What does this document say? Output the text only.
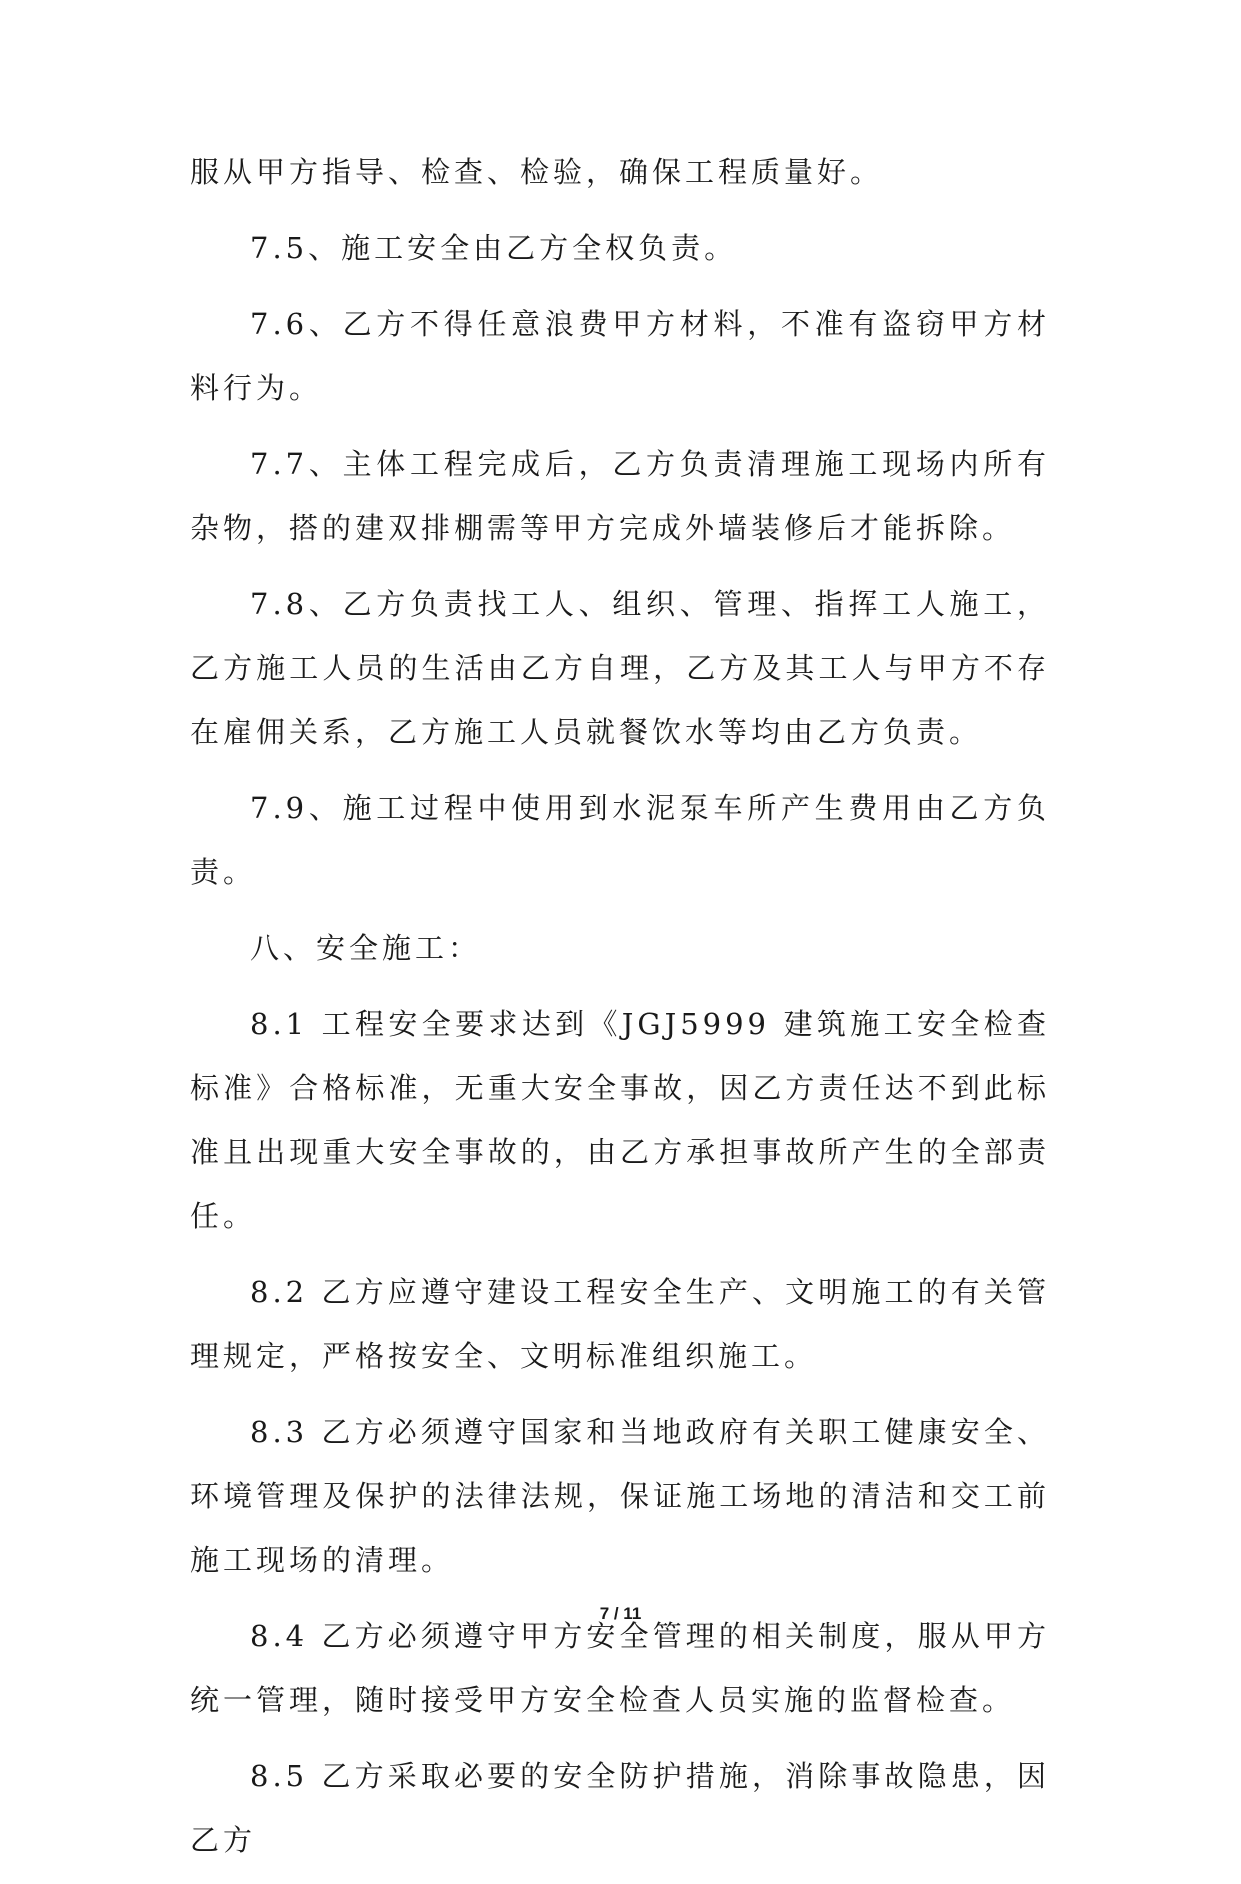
服从甲方指导、检查、检验，确保工程质量好。

7.5、施工安全由乙方全权负责。

7.6、乙方不得任意浪费甲方材料，不准有盗窃甲方材料行为。

7.7、主体工程完成后，乙方负责清理施工现场内所有杂物，搭的建双排棚需等甲方完成外墙装修后才能拆除。

7.8、乙方负责找工人、组织、管理、指挥工人施工，乙方施工人员的生活由乙方自理，乙方及其工人与甲方不存在雇佣关系，乙方施工人员就餐饮水等均由乙方负责。

7.9、施工过程中使用到水泥泵车所产生费用由乙方负责。

八、安全施工：

8.1 工程安全要求达到《JGJ5999 建筑施工安全检查标准》合格标准，无重大安全事故，因乙方责任达不到此标准且出现重大安全事故的，由乙方承担事故所产生的全部责任。

8.2 乙方应遵守建设工程安全生产、文明施工的有关管理规定，严格按安全、文明标准组织施工。

8.3 乙方必须遵守国家和当地政府有关职工健康安全、环境管理及保护的法律法规，保证施工场地的清洁和交工前施工现场的清理。

8.4 乙方必须遵守甲方安全管理的相关制度，服从甲方统一管理，随时接受甲方安全检查人员实施的监督检查。

8.5 乙方采取必要的安全防护措施，消除事故隐患，因乙方

7 / 11
